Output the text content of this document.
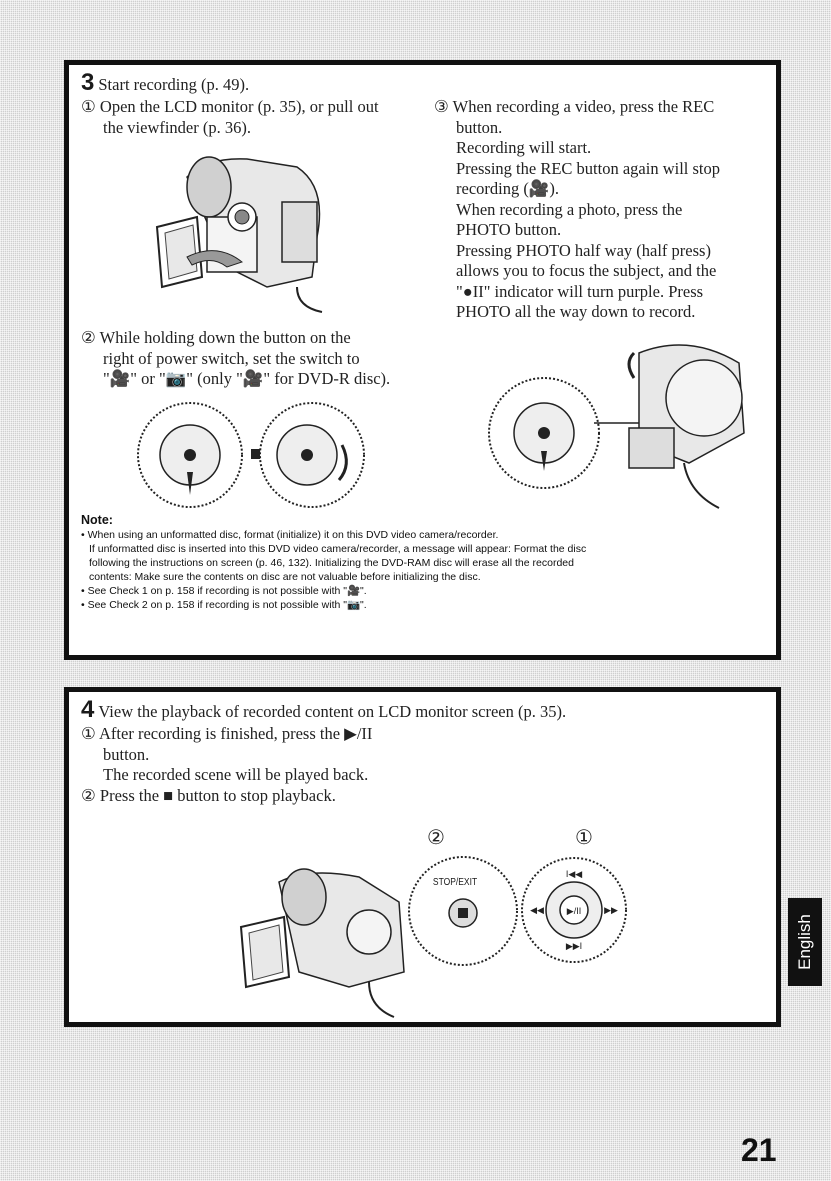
3 Start recording (p. 49).
① Open the LCD monitor (p. 35), or pull out
the viewfinder (p. 36).
② While holding down the button on the
right of power switch, set the switch to
"🎥" or "📷" (only "🎥" for DVD-R disc).
③ When recording a video, press the REC
button.
Recording will start.
Pressing the REC button again will stop
recording (🎥).
When recording a photo, press the
PHOTO button.
Pressing PHOTO half way (half press)
allows you to focus the subject, and the
"●II" indicator will turn purple. Press
PHOTO all the way down to record.
Note:
• When using an unformatted disc, format (initialize) it on this DVD video camera/recorder.
If unformatted disc is inserted into this DVD video camera/recorder, a message will appear: Format the disc
following the instructions on screen (p. 46, 132). Initializing the DVD-RAM disc will erase all the recorded
contents: Make sure the contents on disc are not valuable before initializing the disc.
• See Check 1 on p. 158 if recording is not possible with "🎥".
• See Check 2 on p. 158 if recording is not possible with "📷".
4 View the playback of recorded content on LCD monitor screen (p. 35).
① After recording is finished, press the ▶/II
button.
The recorded scene will be played back.
② Press the ■ button to stop playback.
②	①
STOP/EXIT
▶/II
I◀◀
▶▶I
◀◀	▶▶
English
21
